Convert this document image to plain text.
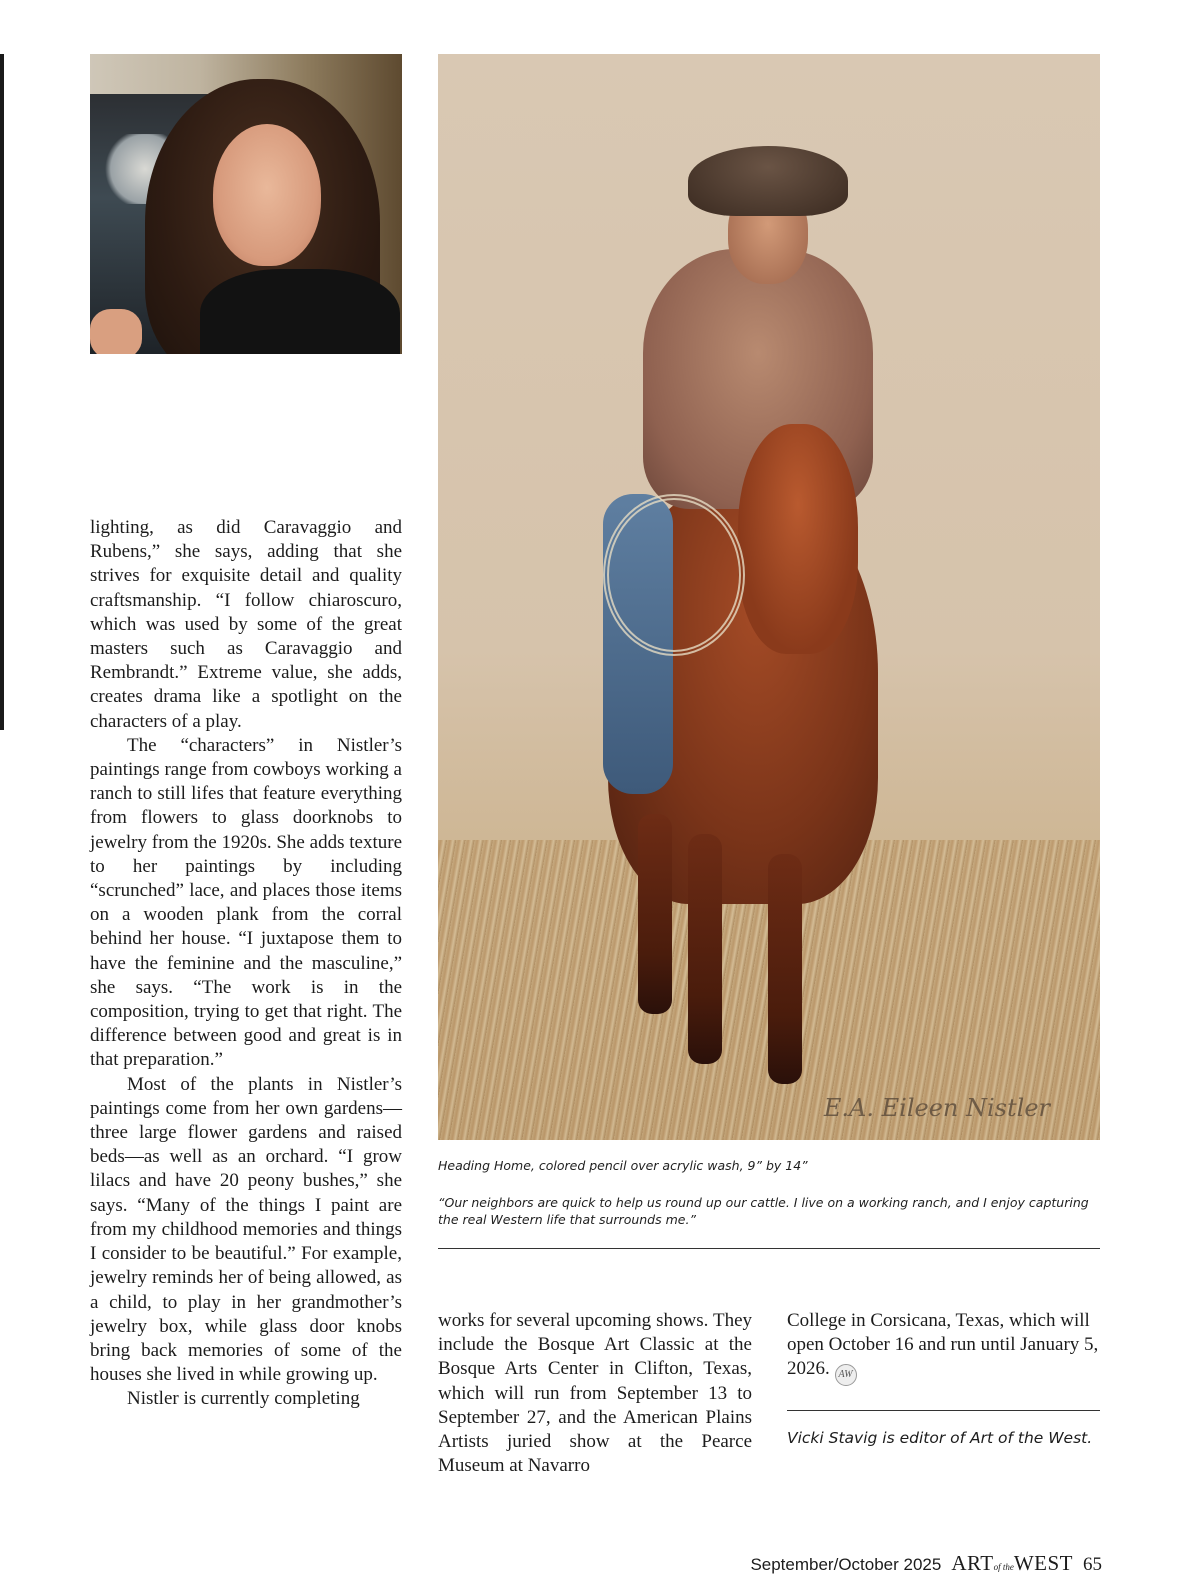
E.A. Eileen Nistler

Heading Home, colored pencil over acrylic wash, 9” by 14”

“Our neighbors are quick to help us round up our cattle. I live on a working ranch, and I enjoy capturing the real Western life that surrounds me.”

lighting, as did Caravaggio and Rubens,” she says, adding that she strives for exquisite detail and quality craftsmanship. “I follow chiaroscuro, which was used by some of the great masters such as Caravaggio and Rembrandt.” Extreme value, she adds, creates drama like a spotlight on the characters of a play.

The “characters” in Nistler’s paintings range from cowboys working a ranch to still lifes that feature everything from flowers to glass doorknobs to jewelry from the 1920s. She adds texture to her paintings by including “scrunched” lace, and places those items on a wooden plank from the corral behind her house. “I juxtapose them to have the feminine and the masculine,” she says. “The work is in the composition, trying to get that right. The difference between good and great is in that preparation.”

Most of the plants in Nistler’s paintings come from her own gardens—three large flower gardens and raised beds—as well as an orchard. “I grow lilacs and have 20 peony bushes,” she says. “Many of the things I paint are from my childhood memories and things I consider to be beautiful.” For example, jewelry reminds her of being allowed, as a child, to play in her grandmother’s jewelry box, while glass door knobs bring back memories of some of the houses she lived in while growing up.

Nistler is currently completing

works for several upcoming shows. They include the Bosque Art Classic at the Bosque Arts Center in Clifton, Texas, which will run from September 13 to September 27, and the American Plains Artists juried show at the Pearce Museum at Navarro

College in Corsicana, Texas, which will open October 16 and run until January 5, 2026. AW

Vicki Stavig is editor of Art of the West.

September/October 2025 ARTof theWEST 65
